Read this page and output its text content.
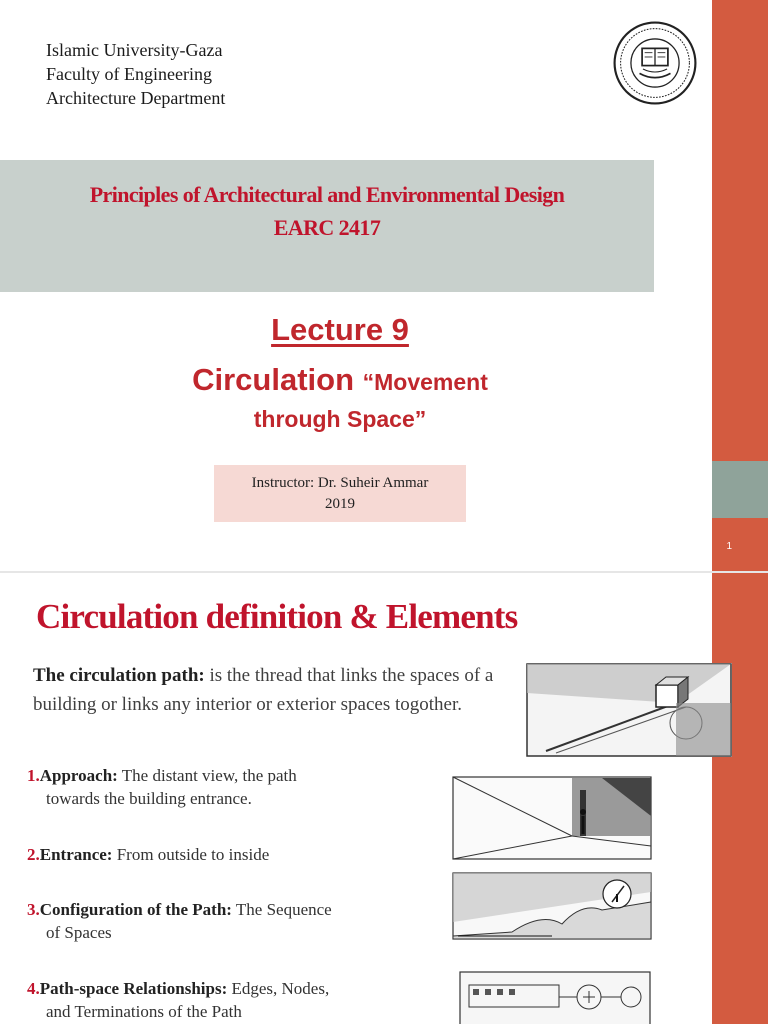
1
Islamic University-Gaza
Faculty of Engineering
Architecture Department
Principles of Architectural and Environmental Design
EARC 2417
Lecture 9
Circulation “Movement
through Space”
Instructor: Dr. Suheir Ammar
2019
Circulation definition & Elements
The circulation path: is the thread that links the spaces of a building or links any interior or exterior spaces togother.
1.Approach: The distant view, the path
towards the building entrance.
2.Entrance: From outside to inside
3.Configuration of the Path: The Sequence
of Spaces
4.Path-space Relationships: Edges, Nodes,
and Terminations of the Path
